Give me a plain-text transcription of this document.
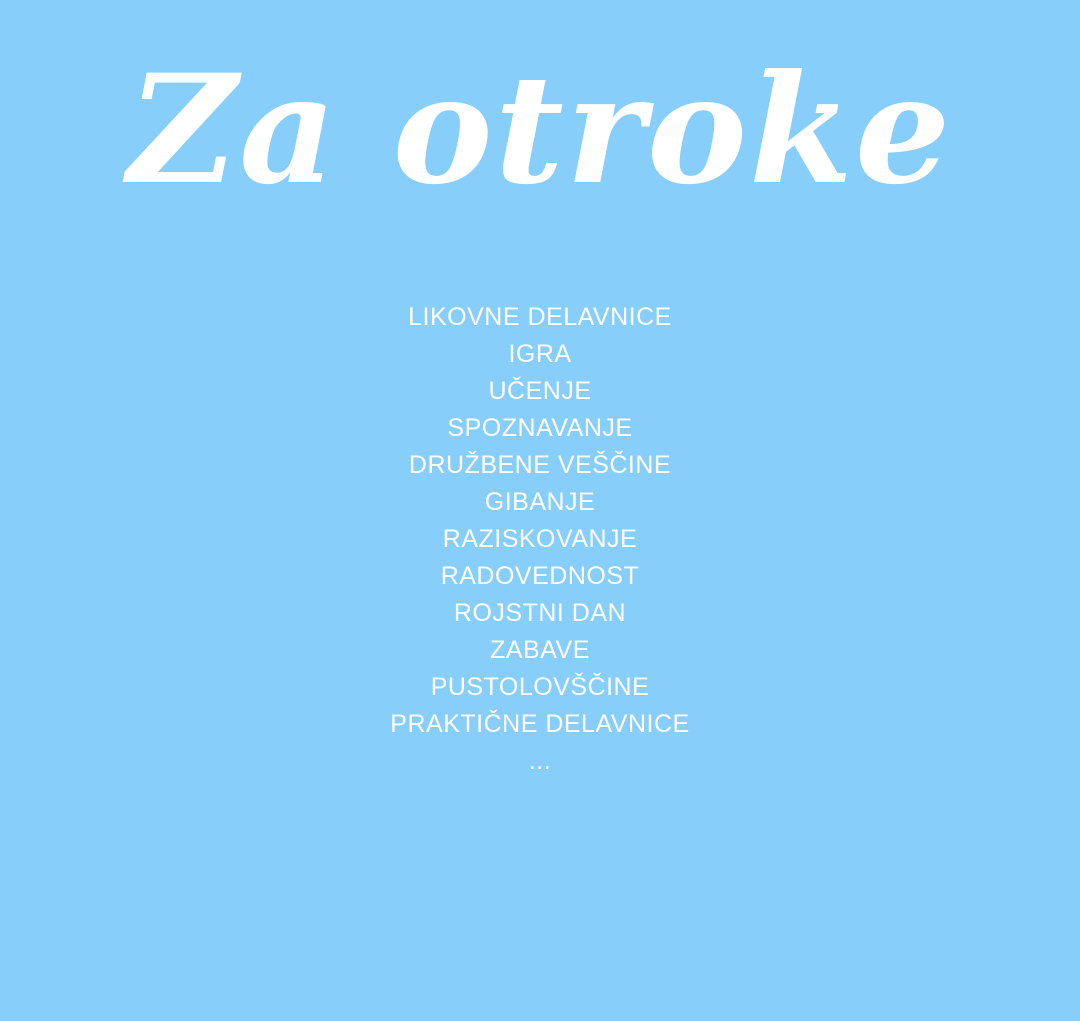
Za otroke
LIKOVNE DELAVNICE
IGRA
UČENJE
SPOZNAVANJE
DRUŽBENE VEŠČINE
GIBANJE
RAZISKOVANJE
RADOVEDNOST
ROJSTNI DAN
ZABAVE
PUSTOLOVŠČINE
PRAKTIČNE DELAVNICE
...
